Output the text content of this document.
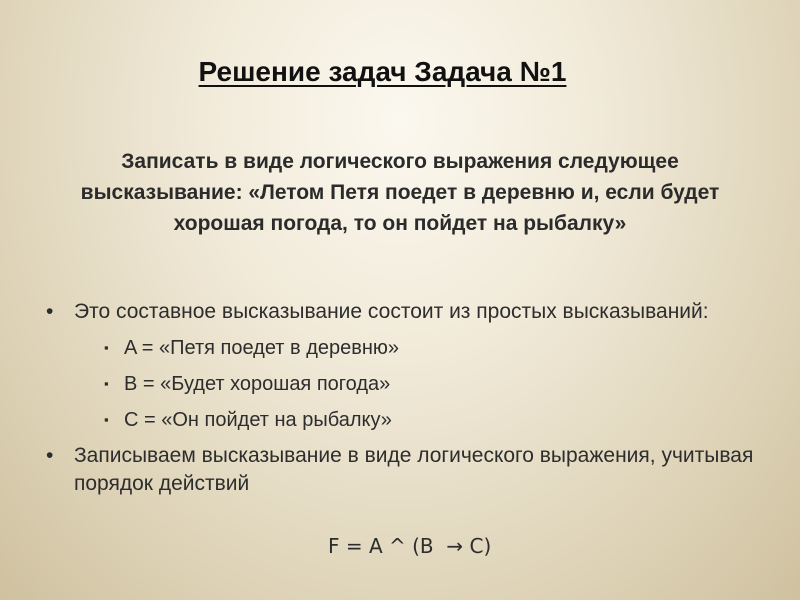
Решение задач Задача №1
Записать в виде логического выражения следующее высказывание: «Летом Петя поедет в деревню и, если будет хорошая погода, то он пойдет на рыбалку»
• Это составное высказывание состоит из простых высказываний:
▪ A = «Петя поедет в деревню»
▪ B = «Будет хорошая погода»
▪ С = «Он пойдет на рыбалку»
• Записываем высказывание в виде логического выражения, учитывая порядок действий
F = A ^ (B  → C)
